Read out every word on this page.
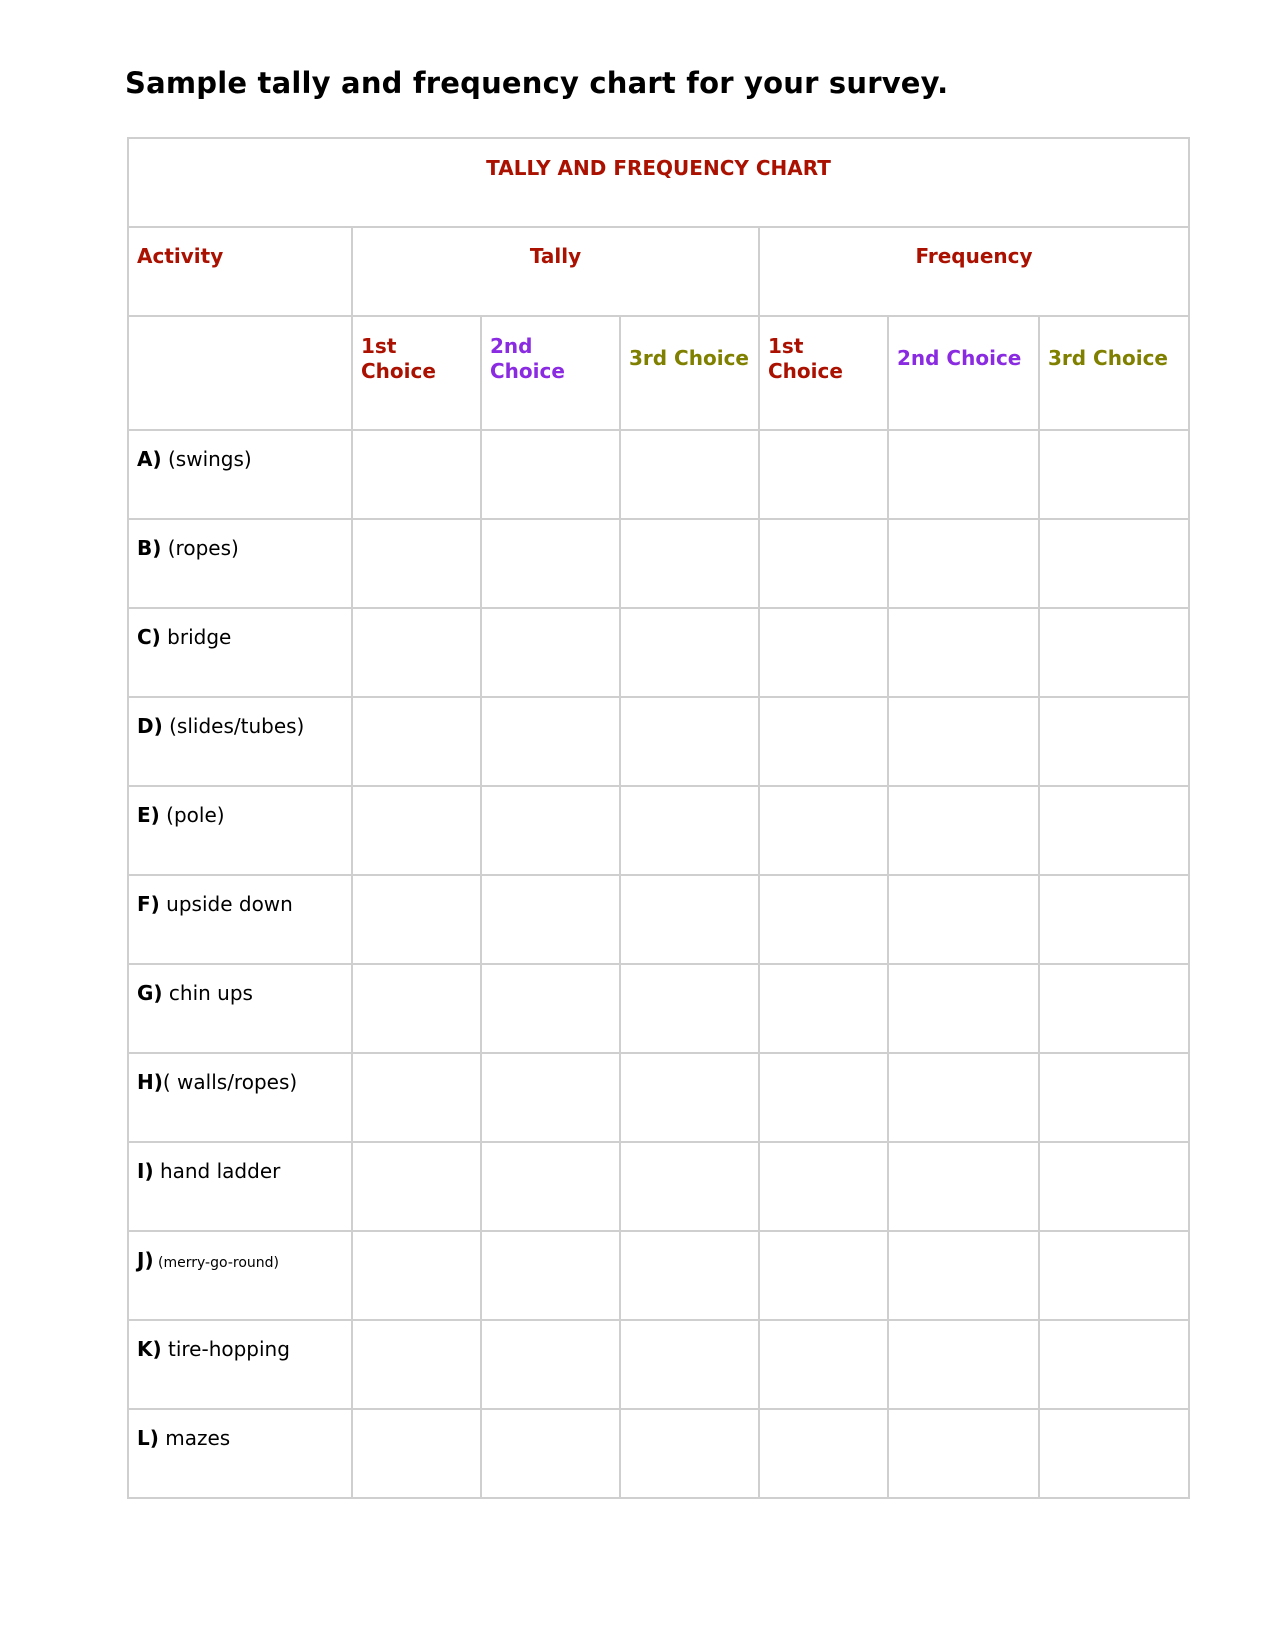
Sample tally and frequency chart for your survey.
TALLY AND FREQUENCY CHART						

Activity	Tally			Frequency		

	1st Choice	2nd Choice	3rd Choice	1st Choice	2nd Choice	3rd Choice

A) (swings)						

B) (ropes)						

C) bridge						

D) (slides/tubes)						

E) (pole)						

F) upside down						

G) chin ups						

H)( walls/ropes)						

I) hand ladder						

J) (merry-go-round)						

K) tire-hopping						

L) mazes						
